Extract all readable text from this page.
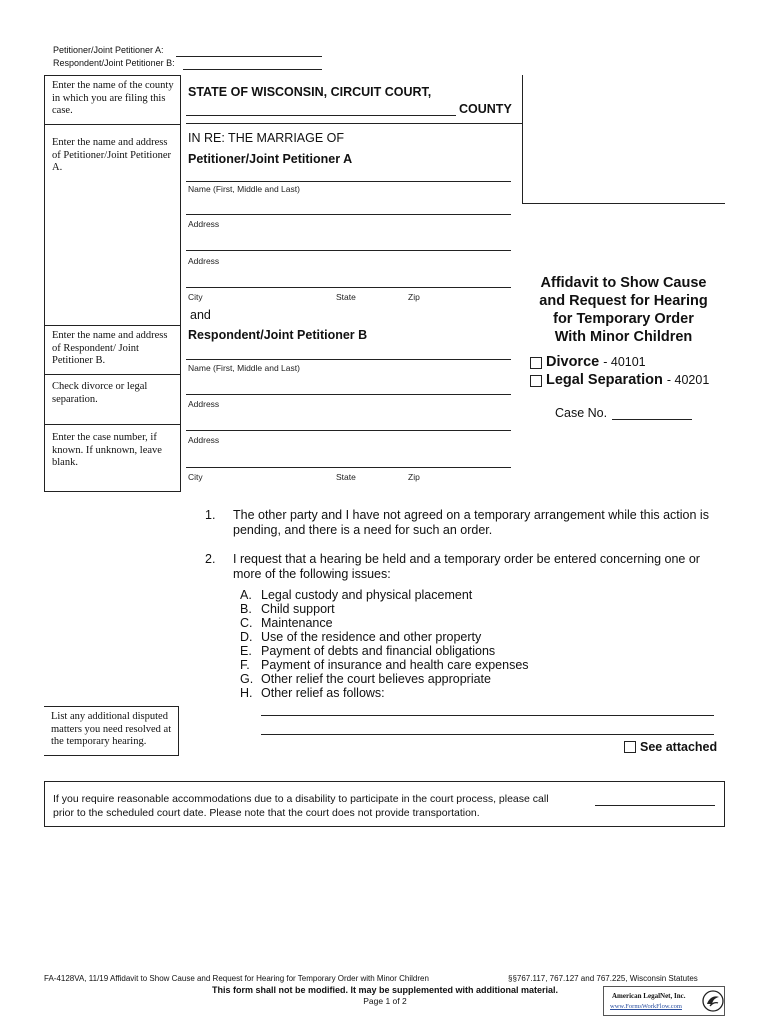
Petitioner/Joint Petitioner A:
Respondent/Joint Petitioner B:
Enter the name of the county in which you are filing this case.
Enter the name and address of Petitioner/Joint Petitioner A.
Enter the name and address of Respondent/ Joint Petitioner B.
Check divorce or legal separation.
Enter the case number, if known. If unknown, leave blank.
STATE OF WISCONSIN, CIRCUIT COURT,
COUNTY
IN RE: THE MARRIAGE OF
Petitioner/Joint Petitioner A
Name (First, Middle and Last)
Address
Address
City	State	Zip
and
Respondent/Joint Petitioner B
Name (First, Middle and Last)
Address
Address
City	State	Zip
Affidavit to Show Cause
and Request for Hearing
for Temporary Order
With Minor Children
Divorce - 40101
Legal Separation - 40201
Case No.
1. The other party and I have not agreed on a temporary arrangement while this action is pending, and there is a need for such an order.
2. I request that a hearing be held and a temporary order be entered concerning one or more of the following issues:
A. Legal custody and physical placement
B. Child support
C. Maintenance
D. Use of the residence and other property
E. Payment of debts and financial obligations
F. Payment of insurance and health care expenses
G. Other relief the court believes appropriate
H. Other relief as follows:
List any additional disputed matters you need resolved at the temporary hearing.	See attached
If you require reasonable accommodations due to a disability to participate in the court process, please call
prior to the scheduled court date. Please note that the court does not provide transportation.
FA-4128VA, 11/19 Affidavit to Show Cause and Request for Hearing for Temporary Order with Minor Children	§§767.117, 767.127 and 767.225, Wisconsin Statutes
This form shall not be modified. It may be supplemented with additional material.
Page 1 of 2	American LegalNet, Inc.
www.FormsWorkFlow.com
